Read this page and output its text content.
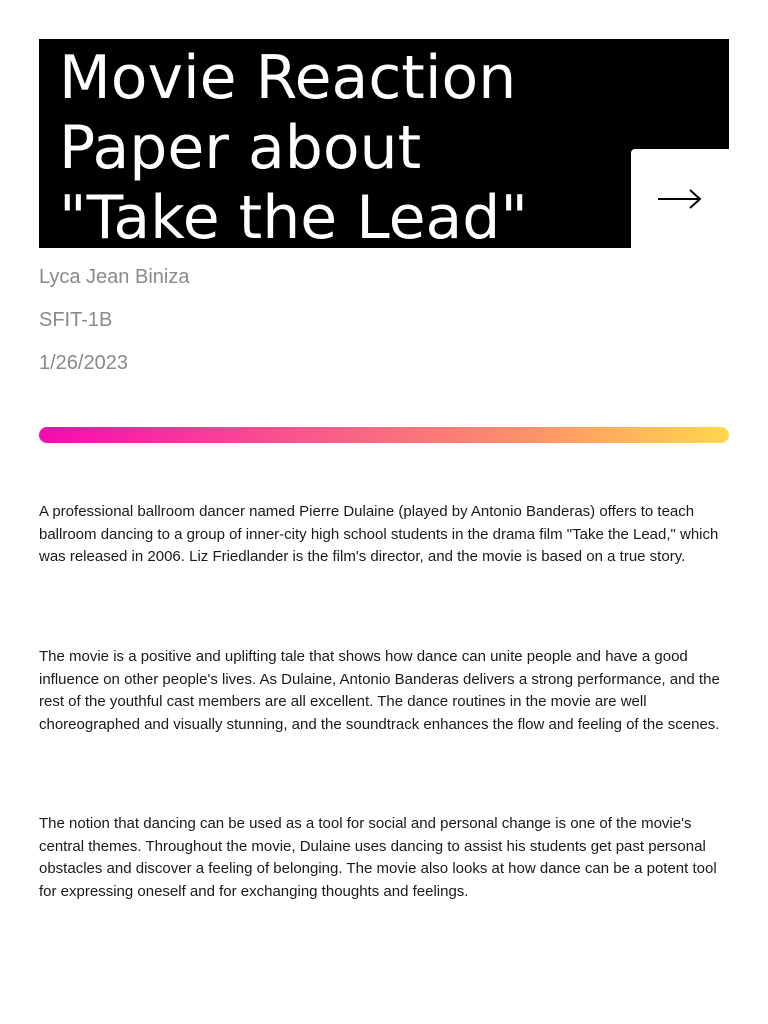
Movie Reaction
Paper about
"Take the Lead"

Lyca Jean Biniza

SFIT-1B

1/26/2023

A professional ballroom dancer named Pierre Dulaine (played by Antonio Banderas) offers to teach ballroom dancing to a group of inner-city high school students in the drama film "Take the Lead," which was released in 2006. Liz Friedlander is the film's director, and the movie is based on a true story.

The movie is a positive and uplifting tale that shows how dance can unite people and have a good influence on other people's lives. As Dulaine, Antonio Banderas delivers a strong performance, and the rest of the youthful cast members are all excellent. The dance routines in the movie are well choreographed and visually stunning, and the soundtrack enhances the flow and feeling of the scenes.

The notion that dancing can be used as a tool for social and personal change is one of the movie's central themes. Throughout the movie, Dulaine uses dancing to assist his students get past personal obstacles and discover a feeling of belonging. The movie also looks at how dance can be a potent tool for expressing oneself and for exchanging thoughts and feelings.
